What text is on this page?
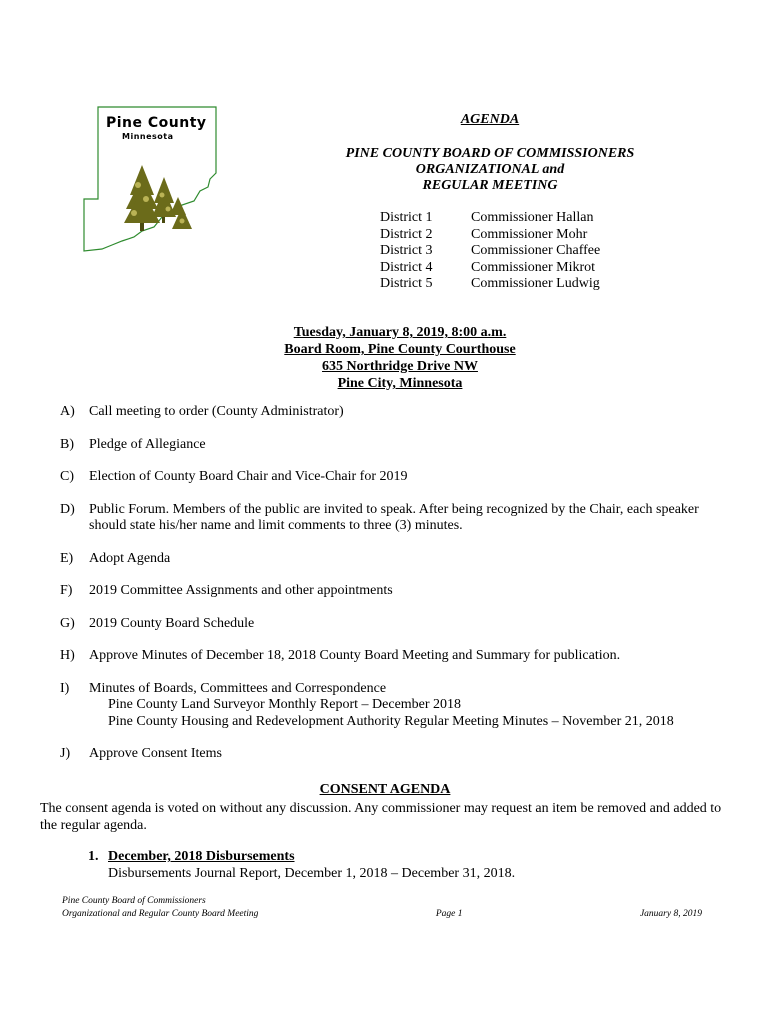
Pine County
Minnesota
AGENDA
PINE COUNTY BOARD OF COMMISSIONERS
ORGANIZATIONAL and
REGULAR MEETING
District 1	Commissioner Hallan
District 2	Commissioner Mohr
District 3	Commissioner Chaffee
District 4	Commissioner Mikrot
District 5	Commissioner Ludwig
Tuesday, January 8, 2019, 8:00 a.m.
Board Room, Pine County Courthouse
635 Northridge Drive NW
Pine City, Minnesota
A)	Call meeting to order (County Administrator)
B)	Pledge of Allegiance
C)	Election of County Board Chair and Vice-Chair for 2019
D)	Public Forum. Members of the public are invited to speak. After being recognized by the Chair, each speaker should state his/her name and limit comments to three (3) minutes.
E)	Adopt Agenda
F)	2019 Committee Assignments and other appointments
G)	2019 County Board Schedule
H)	Approve Minutes of December 18, 2018 County Board Meeting and Summary for publication.
I)	Minutes of Boards, Committees and Correspondence
Pine County Land Surveyor Monthly Report – December 2018
Pine County Housing and Redevelopment Authority Regular Meeting Minutes – November 21, 2018
J)	Approve Consent Items
CONSENT AGENDA
The consent agenda is voted on without any discussion. Any commissioner may request an item be removed and added to the regular agenda.
1. December, 2018 Disbursements
Disbursements Journal Report, December 1, 2018 – December 31, 2018.
Pine County Board of Commissioners
Organizational and Regular County Board Meeting	Page 1	January 8, 2019
